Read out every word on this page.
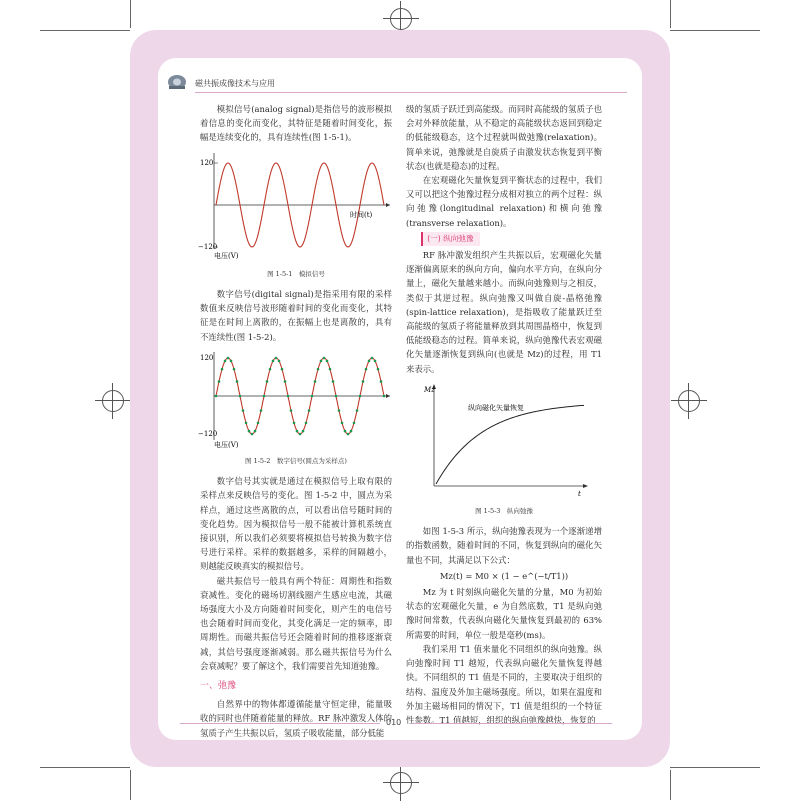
磁共振成像技术与应用

模拟信号(analog signal)是指信号的波形模拟着信息的变化而变化，其特征是随着时间变化，振幅是连续变化的，具有连续性(图 1-5-1)。

120
−120
时间(t)
电压(V)
图 1-5-1　模拟信号

数字信号(digital signal)是指采用有限的采样数值来反映信号波形随着时间的变化而变化，其特征是在时间上离散的，在振幅上也是离散的，具有不连续性(图 1-5-2)。

120
−120
电压(V)
图 1-5-2　数字信号(圆点为采样点)

数字信号其实就是通过在模拟信号上取有限的采样点来反映信号的变化。图 1-5-2 中，圆点为采样点，通过这些离散的点，可以看出信号随时间的变化趋势。因为模拟信号一般不能被计算机系统直接识别，所以我们必须要将模拟信号转换为数字信号进行采样。采样的数据越多，采样的间隔越小，则越能反映真实的模拟信号。

磁共振信号一般具有两个特征：周期性和指数衰减性。变化的磁场切割线圈产生感应电流，其磁场强度大小及方向随着时间变化，则产生的电信号也会随着时间而变化，其变化满足一定的频率，即周期性。而磁共振信号还会随着时间的推移逐渐衰减，其信号强度逐渐减弱。那么磁共振信号为什么会衰减呢？要了解这个，我们需要首先知道弛豫。

一、弛豫

自然界中的物体都遵循能量守恒定律，能量吸收的同时也伴随着能量的释放。RF 脉冲激发人体的氢质子产生共振以后，氢质子吸收能量，部分低能

级的氢质子跃迁到高能级。而同时高能级的氢质子也会对外释放能量，从不稳定的高能级状态返回到稳定的低能级稳态，这个过程就叫做弛豫(relaxation)。简单来说，弛豫就是自旋质子由激发状态恢复到平衡状态(也就是稳态)的过程。

在宏观磁化矢量恢复到平衡状态的过程中，我们又可以把这个弛豫过程分成相对独立的两个过程：纵向弛豫(longitudinal relaxation)和横向弛豫(transverse relaxation)。

(一) 纵向弛豫

RF 脉冲激发组织产生共振以后，宏观磁化矢量逐渐偏离原来的纵向方向，偏向水平方向，在纵向分量上，磁化矢量越来越小。而纵向弛豫则与之相反，类似于其逆过程。纵向弛豫又叫做自旋-晶格弛豫(spin-lattice relaxation)，是指吸收了能量跃迁至高能级的氢质子将能量释放到其周围晶格中，恢复到低能级稳态的过程。简单来说，纵向弛豫代表宏观磁化矢量逐渐恢复到纵向(也就是 Mz)的过程，用 T1 来表示。

Mz
t
纵向磁化矢量恢复
图 1-5-3　纵向弛豫

如图 1-5-3 所示，纵向弛豫表现为一个逐渐递增的指数函数，随着时间的不同，恢复到纵向的磁化矢量也不同，其满足以下公式：

Mz(t) = M0 × (1 − e^(−t/T1))

Mz 为 t 时刻纵向磁化矢量的分量，M0 为初始状态的宏观磁化矢量，e 为自然底数，T1 是纵向弛豫时间常数，代表纵向磁化矢量恢复到最初的 63% 所需要的时间，单位一般是毫秒(ms)。

我们采用 T1 值来量化不同组织的纵向弛豫。纵向弛豫时间 T1 越短，代表纵向磁化矢量恢复得越快。不同组织的 T1 值是不同的，主要取决于组织的结构、温度及外加主磁场强度。所以，如果在温度和外加主磁场相同的情况下，T1 值是组织的一个特征性参数。T1 值越短，组织的纵向弛豫越快，恢复的

010
